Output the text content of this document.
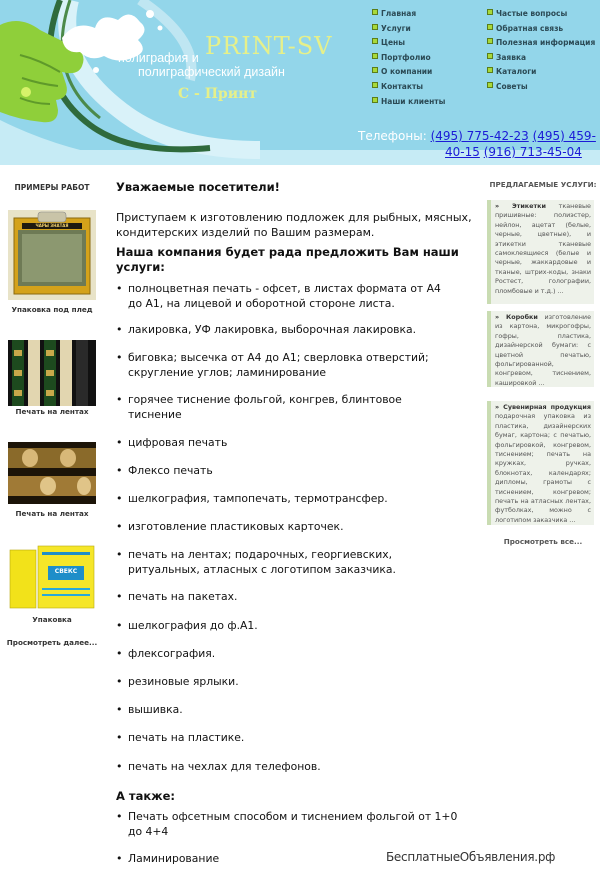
PRINT-SV
полиграфия и
полиграфический дизайн
С - Принт
Главная
Услуги
Цены
Портфолио
О компании
Контакты
Наши клиенты
Частые вопросы
Обратная связь
Полезная информация
Заявка
Каталоги
Советы
Телефоны: (495) 775-42-23 (495) 459-
40-15 (916) 713-45-04
ПРИМЕРЫ РАБОТ
ЧАРЫ ЗНАТАЯ
Упаковка под плед
Печать на лентах
Печать на лентах
СВЕКС
Упаковка
Просмотреть далее...
Уважаемые посетители!
Приступаем к изготовлению подложек для рыбных, мясных, кондитерских изделий по Вашим размерам.
Наша компания будет рада предложить Вам наши услуги:
• полноцветная печать - офсет, в листах формата от А4 до А1, на лицевой и оборотной стороне листа.
• лакировка, УФ лакировка, выборочная лакировка.
• биговка; высечка от А4 до А1; сверловка отверстий; скругление углов; ламинирование
• горячее тиснение фольгой, конгрев, блинтовое тиснение
• цифровая печать
• Флексо печать
• шелкография, тампопечать, термотрансфер.
• изготовление пластиковых карточек.
• печать на лентах; подарочных, георгиевских, ритуальных, атласных с логотипом заказчика.
• печать на пакетах.
• шелкография до ф.А1.
• флексография.
• резиновые ярлыки.
• вышивка.
• печать на пластике.
• печать на чехлах для телефонов.
А также:
• Печать офсетным способом и тиснением фольгой от 1+0 до 4+4
• Ламинирование
ПРЕДЛАГАЕМЫЕ УСЛУГИ:
» Этикетки тканевые пришивные: полиэстер, нейлон, ацетат (белые, черные, цветные), и этикетки тканевые самоклеящиеся (белые и черные, жаккардовые и тканые, штрих-коды, знаки Ростест, голографии, пломбовые и т.д.) ...
» Коробки изготовление из картона, микрогофры, гофры, пластика, дизайнерской бумаги: с цветной печатью, фольгированной, конгревом, тиснением, кашировкой ...
» Сувенирная продукция подарочная упаковка из пластика, дизайнерских бумаг, картона; с печатью, фольгировкой, конгревом, тиснением; печать на кружках, ручках, блокнотах, календарях; дипломы, грамоты с тиснением, конгревом; печать на атласных лентах, футболках, можно с логотипом заказчика ...
Просмотреть все...
БесплатныеОбъявления.рф
